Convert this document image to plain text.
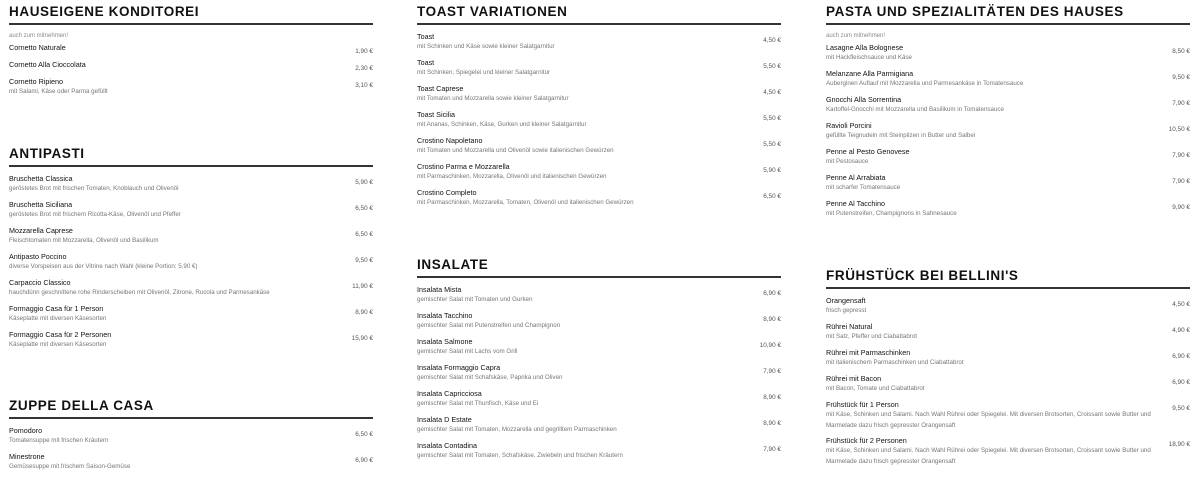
HAUSEIGENE KONDITOREI
auch zum mitnehmen!
Cornetto Naturale	1,90 €
Cornetto Alla Cioccolata	2,30 €
Cornetto Ripieno
mit Salami, Käse oder Parma gefüllt
3,10 €
ANTIPASTI
Bruschetta Classica
geröstetes Brot mit frischen Tomaten, Knoblauch und Olivenöl
5,90 €
Bruschetta Siciliana
geröstetes Brot mit frischem Ricotta-Käse, Olivenöl und Pfeffer
6,50 €
Mozzarella Caprese
Fleischtomaten mit Mozzarella, Olivenöl und Basilikum
6,50 €
Antipasto Poccino
diverse Vorspeisen aus der Vitrine nach Wahl (kleine Portion: 5,90 €)
9,50 €
Carpaccio Classico
hauchdünn geschnittene rohe Rinderscheiben mit Olivenöl, Zitrone, Rucola und Parmesankäse
11,90 €
Formaggio Casa für 1 Person
Käseplatte mit diversen Käsesorten
8,90 €
Formaggio Casa für 2 Personen
Käseplatte mit diversen Käsesorten
15,90 €
ZUPPE DELLA CASA
Pomodoro
Tomatensuppe mit frischen Kräutern
6,50 €
Minestrone
Gemüsesuppe mit frischem Saison-Gemüse
6,90 €
TOAST VARIATIONEN
Toast
mit Schinken und Käse sowie kleiner Salatgarnitur
4,50 €
Toast
mit Schinken, Spiegelei und kleiner Salatgarnitur
5,50 €
Toast Caprese
mit Tomaten und Mozzarella sowie kleiner Salatgarnitur
4,50 €
Toast Sicilia
mit Ananas, Schinken, Käse, Gurken und kleiner Salatgarnitur
5,50 €
Crostino Napoletano
mit Tomaten und Mozzarella und Olivenöl sowie italienischen Gewürzen
5,50 €
Crostino Parma e Mozzarella
mit Parmaschinken, Mozzarella, Olivenöl und italienischen Gewürzen
5,90 €
Crostino Completo
mit Parmaschinken, Mozzarella, Tomaten, Olivenöl und italienischen Gewürzen
6,50 €
INSALATE
Insalata Mista
gemischter Salat mit Tomaten und Gurken
6,90 €
Insalata Tacchino
gemischter Salat mit Putenstreifen und Champignon
8,90 €
Insalata Salmone
gemischter Salat mit Lachs vom Grill
10,90 €
Insalata Formaggio Capra
gemischter Salat mit Schafskäse, Paprika und Oliven
7,90 €
Insalata Capricciosa
gemischter Salat mit Thunfisch, Käse und Ei
8,90 €
Insalata D Estate
gemischter Salat mit Tomaten, Mozzarella und gegrilltem Parmaschinken
8,90 €
Insalata Contadina
gemischter Salat mit Tomaten, Schafskäse, Zwiebeln und frischen Kräutern
7,90 €
PASTA UND SPEZIALITÄTEN DES HAUSES
auch zum mitnehmen!
Lasagne Alla Bolognese
mit Hackfleischsauce und Käse
8,50 €
Melanzane Alla Parmigiana
Auberginen Auflauf mit Mozzarella und Parmesankäse in Tomatensauce
9,50 €
Gnocchi Alla Sorrentina
Kartoffel-Gnocchi mit Mozzarella und Basilikum in Tomatensauce
7,90 €
Ravioli Porcini
gefüllte Teignudeln mit Steinpilzen in Butter und Salbei
10,50 €
Penne al Pesto Genovese
mit Pestosauce
7,90 €
Penne Al Arrabiata
mit scharfer Tomatensauce
7,90 €
Penne Al Tacchino
mit Putenstreifen, Champignons in Sahnesauce
9,90 €
FRÜHSTÜCK BEI BELLINI'S
Orangensaft
frisch gepresst
4,50 €
Rührei Natural
mit Salz, Pfeffer und Ciabattabrot
4,90 €
Rührei mit Parmaschinken
mit italienischem Parmaschinken und Ciabattabrot
6,90 €
Rührei mit Bacon
mit Bacon, Tomate und Ciabattabrot
6,90 €
Frühstück für 1 Person
mit Käse, Schinken und Salami. Nach Wahl Rührei oder Spiegelei. Mit diversen Brotsorten, Croissant sowie Butter und Marmelade dazu frisch gepresster Orangensaft
9,50 €
Frühstück für 2 Personen
mit Käse, Schinken und Salami. Nach Wahl Rührei oder Spiegelei. Mit diversen Brotsorten, Croissant sowie Butter und Marmelade dazu frisch gepresster Orangensaft
18,90 €
